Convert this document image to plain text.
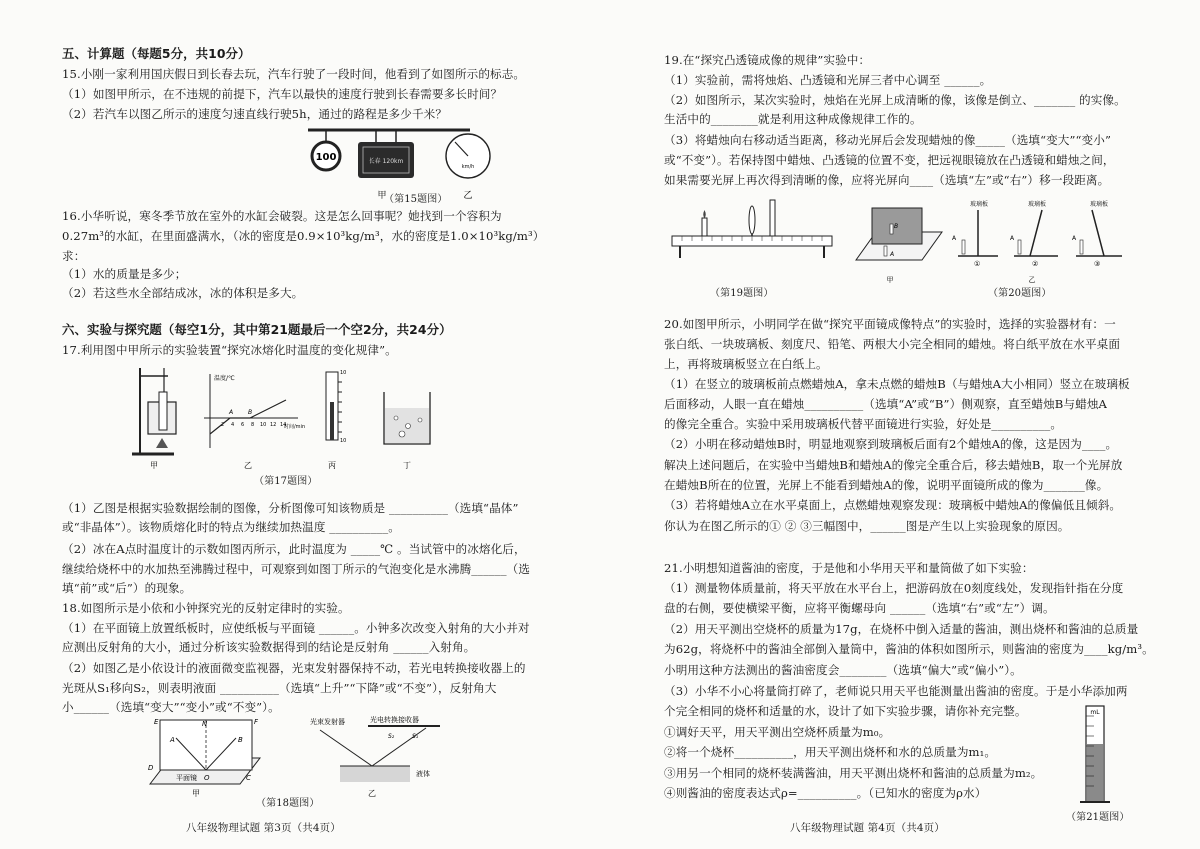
五、计算题（每题5分，共10分）
15.小刚一家利用国庆假日到长春去玩，汽车行驶了一段时间，他看到了如图所示的标志。
（1）如图甲所示，在不违规的前提下，汽车以最快的速度行驶到长春需要多长时间？
（2）若汽车以图乙所示的速度匀速直线行驶5h，通过的路程是多少千米？
100	长春 120km
km/h
甲	乙
（第15题图）
16.小华听说，寒冬季节放在室外的水缸会破裂。这是怎么回事呢？她找到一个容积为
0.27m³的水缸，在里面盛满水，（冰的密度是0.9×10³kg/m³，水的密度是1.0×10³kg/m³）
求：
（1）水的质量是多少；
（2）若这些水全部结成冰，冰的体积是多大。
六、实验与探究题（每空1分，其中第21题最后一个空2分，共24分）
17.利用图中甲所示的实验装置“探究冰熔化时温度的变化规律”。
甲
温度/℃
时间/min
2 4 6 8 10 12 14
A B
乙
10
10
丙	丁
（第17题图）
（1）乙图是根据实验数据绘制的图像，分析图像可知该物质是 __________（选填“晶体”
或“非晶体”）。该物质熔化时的特点为继续加热温度 __________。
（2）冰在A点时温度计的示数如图丙所示，此时温度为 _____℃ 。当试管中的冰熔化后，
继续给烧杯中的水加热至沸腾过程中，可观察到如图丁所示的气泡变化是水沸腾______（选
填“前”或“后”）的现象。
18.如图所示是小依和小钟探究光的反射定律时的实验。
（1）在平面镜上放置纸板时，应使纸板与平面镜 ______。小钟多次改变入射角的大小并对
应测出反射角的大小，通过分析该实验数据得到的结论是反射角 ______入射角。
（2）如图乙是小依设计的液面微变监视器，光束发射器保持不动，若光电转换接收器上的
光斑从S₁移向S₂，则表明液面 __________（选填“上升”“下降”或“不变”），反射角大
小______（选填“变大”“变小”或“不变”）。
E	N	F
A	B
D
O	C
平面镜
甲
光束发射器	光电转换接收器
S₂	S₁
液体
乙
（第18题图）
八年级物理试题 第3页（共4页）
19.在“探究凸透镜成像的规律”实验中：
（1）实验前，需将烛焰、凸透镜和光屏三者中心调至 ______。
（2）如图所示，某次实验时，烛焰在光屏上成清晰的像，该像是倒立、_______ 的实像。
生活中的________就是利用这种成像规律工作的。
（3）将蜡烛向右移动适当距离，移动光屏后会发现蜡烛的像_____（选填“变大”“变小”
或“不变”）。若保持图中蜡烛、凸透镜的位置不变，把远视眼镜放在凸透镜和蜡烛之间，
如果需要光屏上再次得到清晰的像，应将光屏向____（选填“左”或“右”）移一段距离。
（第19题图）
B
A
甲
玻璃板
A
①
玻璃板
A
②
乙
玻璃板
A
③
（第20题图）
20.如图甲所示，小明同学在做“探究平面镜成像特点”的实验时，选择的实验器材有：一
张白纸、一块玻璃板、刻度尺、铅笔、两根大小完全相同的蜡烛。将白纸平放在水平桌面
上，再将玻璃板竖立在白纸上。
（1）在竖立的玻璃板前点燃蜡烛A，拿未点燃的蜡烛B（与蜡烛A大小相同）竖立在玻璃板
后面移动，人眼一直在蜡烛__________（选填“A”或“B”）侧观察，直至蜡烛B与蜡烛A
的像完全重合。实验中采用玻璃板代替平面镜进行实验，好处是__________。
（2）小明在移动蜡烛B时，明显地观察到玻璃板后面有2个蜡烛A的像，这是因为____。
解决上述问题后，在实验中当蜡烛B和蜡烛A的像完全重合后，移去蜡烛B，取一个光屏放
在蜡烛B所在的位置，光屏上不能看到蜡烛A的像，说明平面镜所成的像为_______像。
（3）若将蜡烛A立在水平桌面上，点燃蜡烛观察发现：玻璃板中蜡烛A的像偏低且倾斜。
你认为在图乙所示的① ② ③三幅图中，______图是产生以上实验现象的原因。
21.小明想知道酱油的密度，于是他和小华用天平和量筒做了如下实验：
（1）测量物体质量前，将天平放在水平台上，把游码放在0刻度线处，发现指针指在分度
盘的右侧，要使横梁平衡，应将平衡螺母向 ______（选填“右”或“左”）调。
（2）用天平测出空烧杯的质量为17g，在烧杯中倒入适量的酱油，测出烧杯和酱油的总质量
为62g，将烧杯中的酱油全部倒入量筒中，酱油的体积如图所示，则酱油的密度为____kg/m³。
小明用这种方法测出的酱油密度会________（选填“偏大”或“偏小”）。
（3）小华不小心将量筒打碎了，老师说只用天平也能测量出酱油的密度。于是小华添加两
个完全相同的烧杯和适量的水，设计了如下实验步骤，请你补充完整。
①调好天平，用天平测出空烧杯质量为m₀。
②将一个烧杯__________，用天平测出烧杯和水的总质量为m₁。
③用另一个相同的烧杯装满酱油，用天平测出烧杯和酱油的总质量为m₂。
④则酱油的密度表达式ρ=__________。（已知水的密度为ρ水）
mL
（第21题图）
八年级物理试题 第4页（共4页）
